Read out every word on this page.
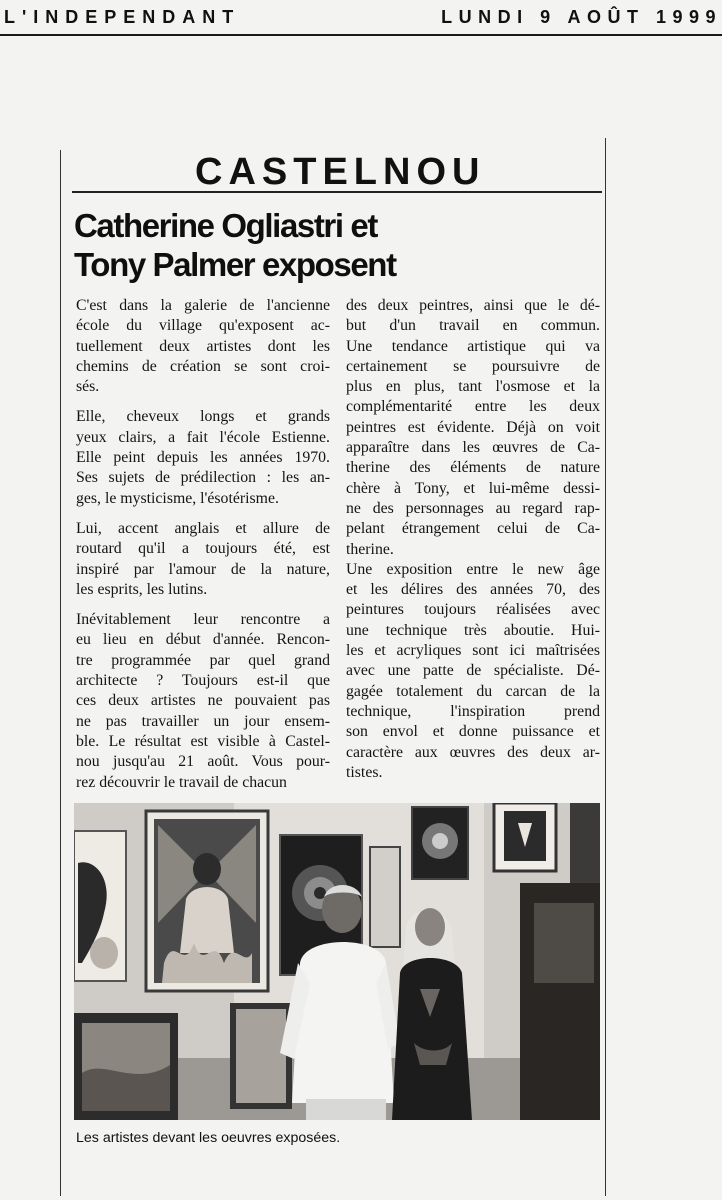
L'INDEPENDANT	LUNDI 9 AOÛT 1999
CASTELNOU
Catherine Ogliastri et
Tony Palmer exposent

C'est dans la galerie de l'ancienne
école du village qu'exposent ac-
tuellement deux artistes dont les
chemins de création se sont croi-
sés.

Elle, cheveux longs et grands
yeux clairs, a fait l'école Estienne.
Elle peint depuis les années 1970.
Ses sujets de prédilection : les an-
ges, le mysticisme, l'ésotérisme.

Lui, accent anglais et allure de
routard qu'il a toujours été, est
inspiré par l'amour de la nature,
les esprits, les lutins.

Inévitablement leur rencontre a
eu lieu en début d'année. Rencon-
tre programmée par quel grand
architecte ? Toujours est-il que
ces deux artistes ne pouvaient pas
ne pas travailler un jour ensem-
ble. Le résultat est visible à Castel-
nou jusqu'au 21 août. Vous pour-
rez découvrir le travail de chacun

des deux peintres, ainsi que le dé-
but d'un travail en commun.
Une tendance artistique qui va
certainement se poursuivre de
plus en plus, tant l'osmose et la
complémentarité entre les deux
peintres est évidente. Déjà on voit
apparaître dans les œuvres de Ca-
therine des éléments de nature
chère à Tony, et lui-même dessi-
ne des personnages au regard rap-
pelant étrangement celui de Ca-
therine.

Une exposition entre le new âge
et les délires des années 70, des
peintures toujours réalisées avec
une technique très aboutie. Hui-
les et acryliques sont ici maîtrisées
avec une patte de spécialiste. Dé-
gagée totalement du carcan de la
technique, l'inspiration prend
son envol et donne puissance et
caractère aux œuvres des deux ar-
tistes.

Les artistes devant les oeuvres exposées.
